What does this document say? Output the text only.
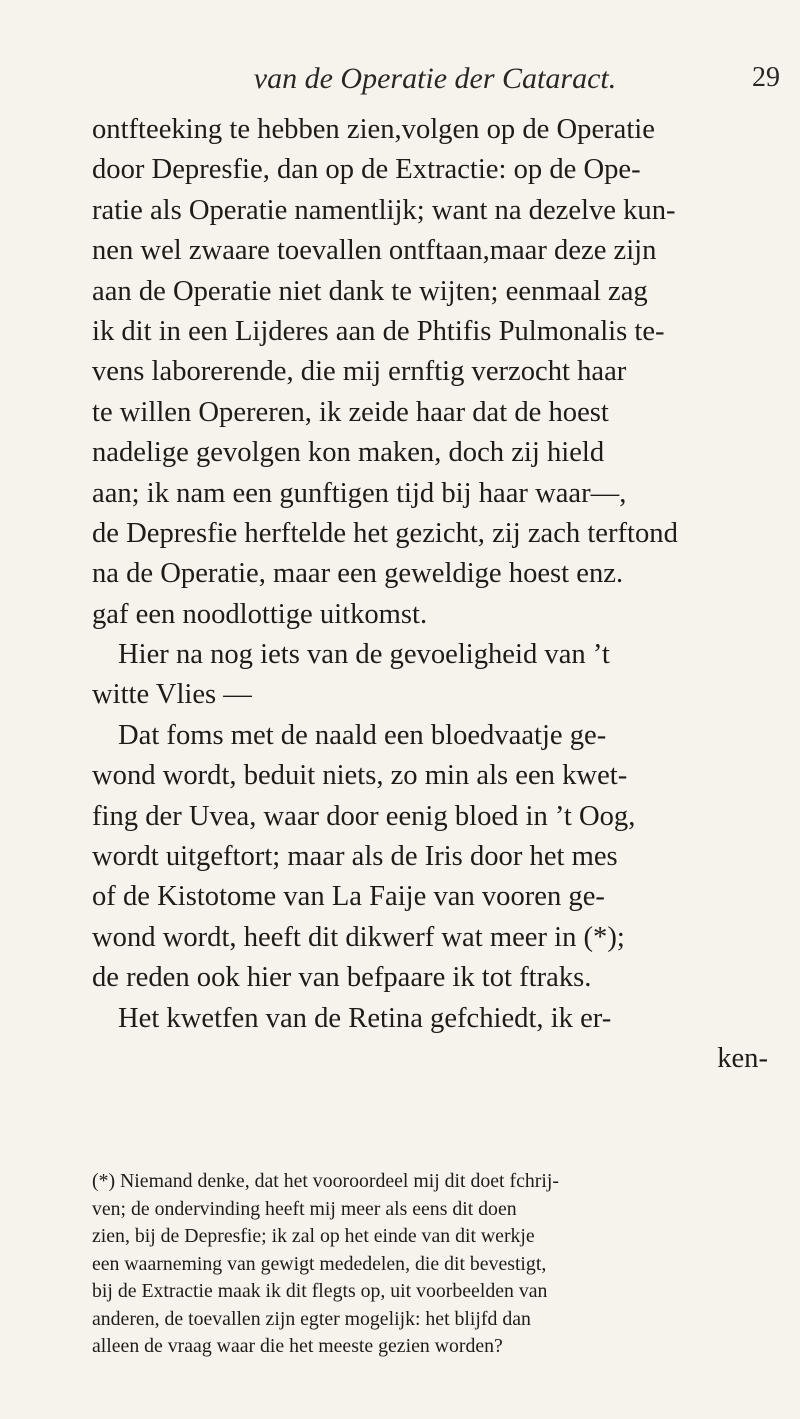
van de Operatie der Cataract.	29
ontfteeking te hebben zien,volgen op de Operatie
door Depresfie, dan op de Extractie: op de Ope-
ratie als Operatie namentlijk; want na dezelve kun-
nen wel zwaare toevallen ontftaan,maar deze zijn
aan de Operatie niet dank te wijten; eenmaal zag
ik dit in een Lijderes aan de Phtifis Pulmonalis te-
vens laborerende, die mij ernftig verzocht haar
te willen Opereren, ik zeide haar dat de hoest
nadelige gevolgen kon maken, doch zij hield
aan; ik nam een gunftigen tijd bij haar waar—,
de Depresfie herftelde het gezicht, zij zach terftond
na de Operatie, maar een geweldige hoest enz.
gaf een noodlottige uitkomst.
Hier na nog iets van de gevoeligheid van ’t
witte Vlies —
Dat foms met de naald een bloedvaatje ge-
wond wordt, beduit niets, zo min als een kwet-
fing der Uvea, waar door eenig bloed in ’t Oog,
wordt uitgeftort; maar als de Iris door het mes
of de Kistotome van La Faije van vooren ge-
wond wordt, heeft dit dikwerf wat meer in (*);
de reden ook hier van befpaare ik tot ftraks.
Het kwetfen van de Retina gefchiedt, ik er-
ken-
(*) Niemand denke, dat het vooroordeel mij dit doet fchrij-
ven; de ondervinding heeft mij meer als eens dit doen
zien, bij de Depresfie; ik zal op het einde van dit werkje
een waarneming van gewigt mededelen, die dit bevestigt,
bij de Extractie maak ik dit flegts op, uit voorbeelden van
anderen, de toevallen zijn egter mogelijk: het blijfd dan
alleen de vraag waar die het meeste gezien worden?
